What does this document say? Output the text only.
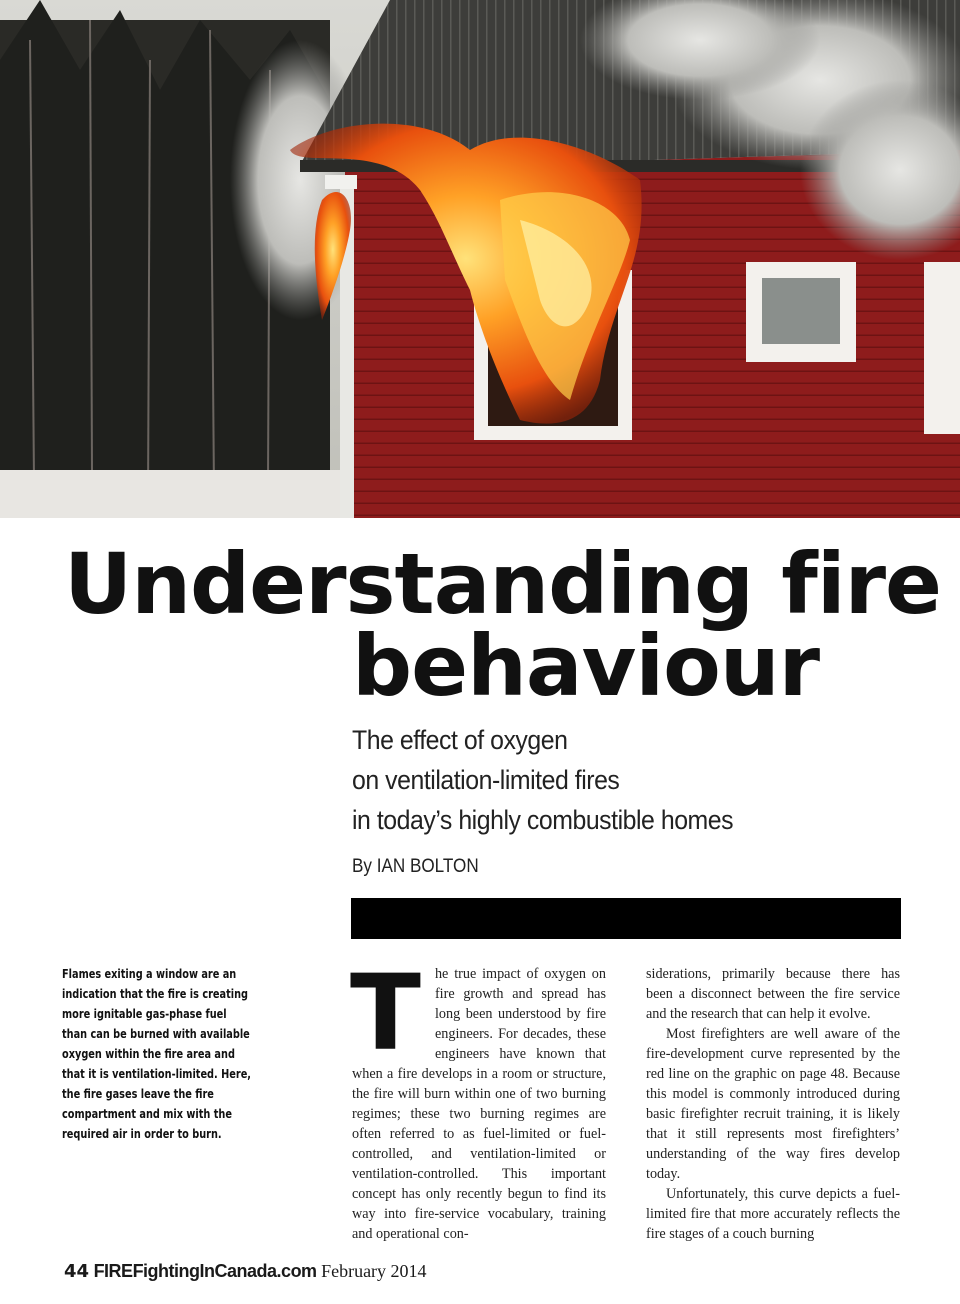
Understanding fire
behaviour
The effect of oxygen
on ventilation-limited fires
in today’s highly combustible homes
By IAN BOLTON
Flames exiting a window are an
indication that the fire is creating
more ignitable gas-phase fuel
than can be burned with available
oxygen within the fire area and
that it is ventilation-limited. Here,
the fire gases leave the fire
compartment and mix with the
required air in order to burn.
T he true impact of oxygen on fire growth and spread has long been understood by fire engineers. For decades, these engineers have known that when a fire develops in a room or structure, the fire will burn within one of two burning regimes; these two burning regimes are often referred to as fuel-limited or fuel-controlled, and ventilation-limited or ventilation-controlled. This important concept has only recently begun to find its way into fire-service vocabulary, training and operational con-

siderations, primarily because there has been a disconnect between the fire service and the research that can help it evolve.

Most firefighters are well aware of the fire-development curve represented by the red line on the graphic on page 48. Because this model is commonly introduced during basic firefighter recruit training, it is likely that it still represents most firefighters’ understanding of the way fires develop today.

Unfortunately, this curve depicts a fuel-limited fire that more accurately reflects the fire stages of a couch burning

44 FIREFightingInCanada.com February 2014
